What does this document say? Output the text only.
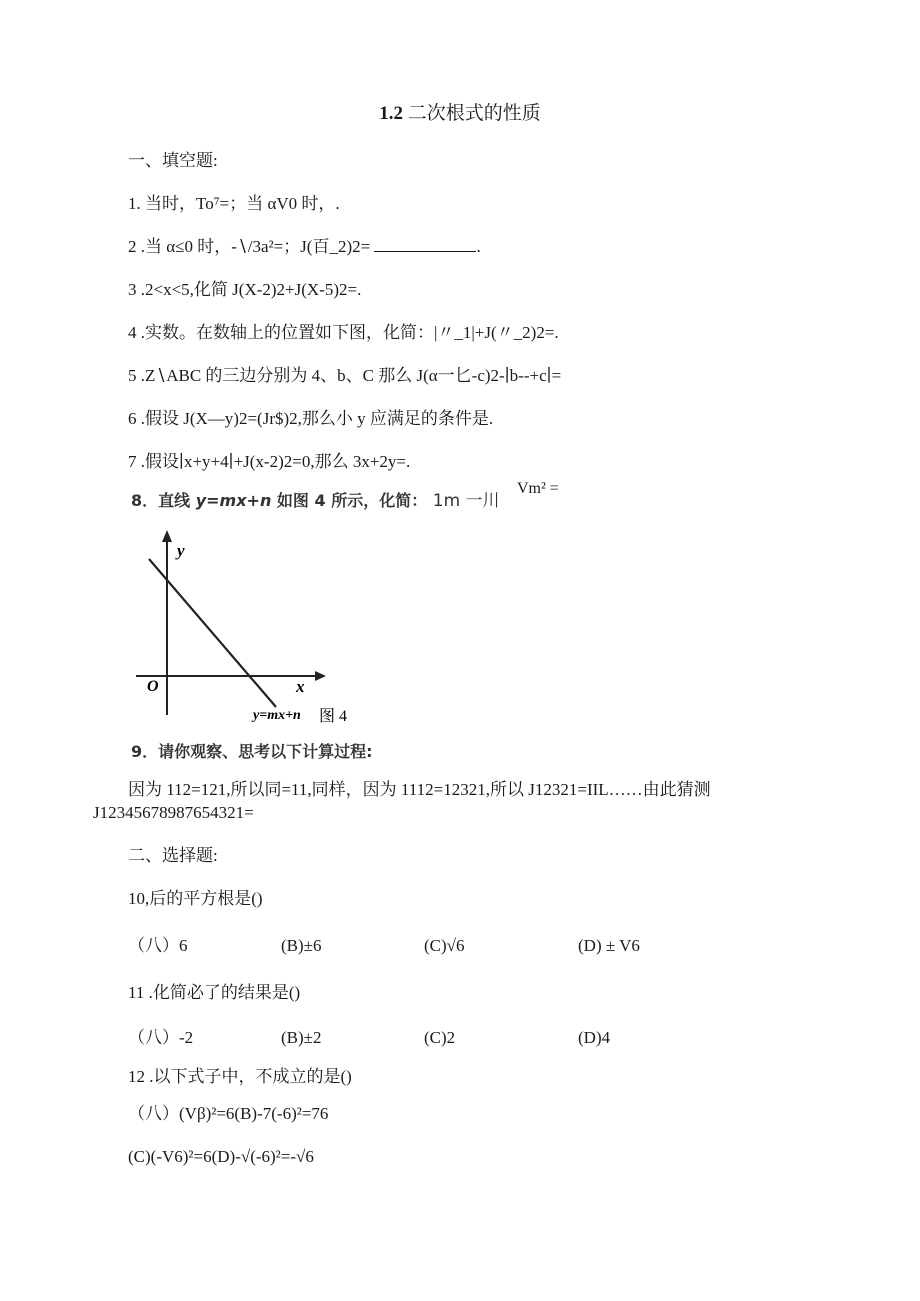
1.2 二次根式的性质
一、填空题:
1. 当时，To⁷=；当 αV0 时，.
2 .当 α≤0 时，-∖/3a²=；J(百_2)2=	.
3 .2<x<5,化简 J(X-2)2+J(X-5)2=.
4 .实数。在数轴上的位置如下图，化简：|〃_1|+J(〃_2)2=.
5 .Z∖ABC 的三边分别为 4、b、C 那么 J(α一匕-c)2-∣b--+c∣=
6 .假设 J(X—y)2=(Jr$)2,那么小 y 应满足的条件是.
7 .假设∣x+y+4∣+J(x-2)2=0,那么 3x+2y=.
8．直线 y=mx+n 如图 4 所示，化简： 1m 一川
Vm² =
y
x
O
y=mx+n 图 4
9．请你观察、思考以下计算过程:
因为 112=121,所以同=11,同样，因为 1112=12321,所以 J12321=IIL……由此猜测
J12345678987654321=
二、选择题:
10,后的平方根是()
（八）6	(B)±6	(C)√6	(D) ± V6
11 .化简必了的结果是()
（八）-2	(B)±2	(C)2	(D)4
12 .以下式子中，不成立的是()
（八）(Vβ)²=6(B)-7(-6)²=76
(C)(-V6)²=6(D)-√(-6)²=-√6
